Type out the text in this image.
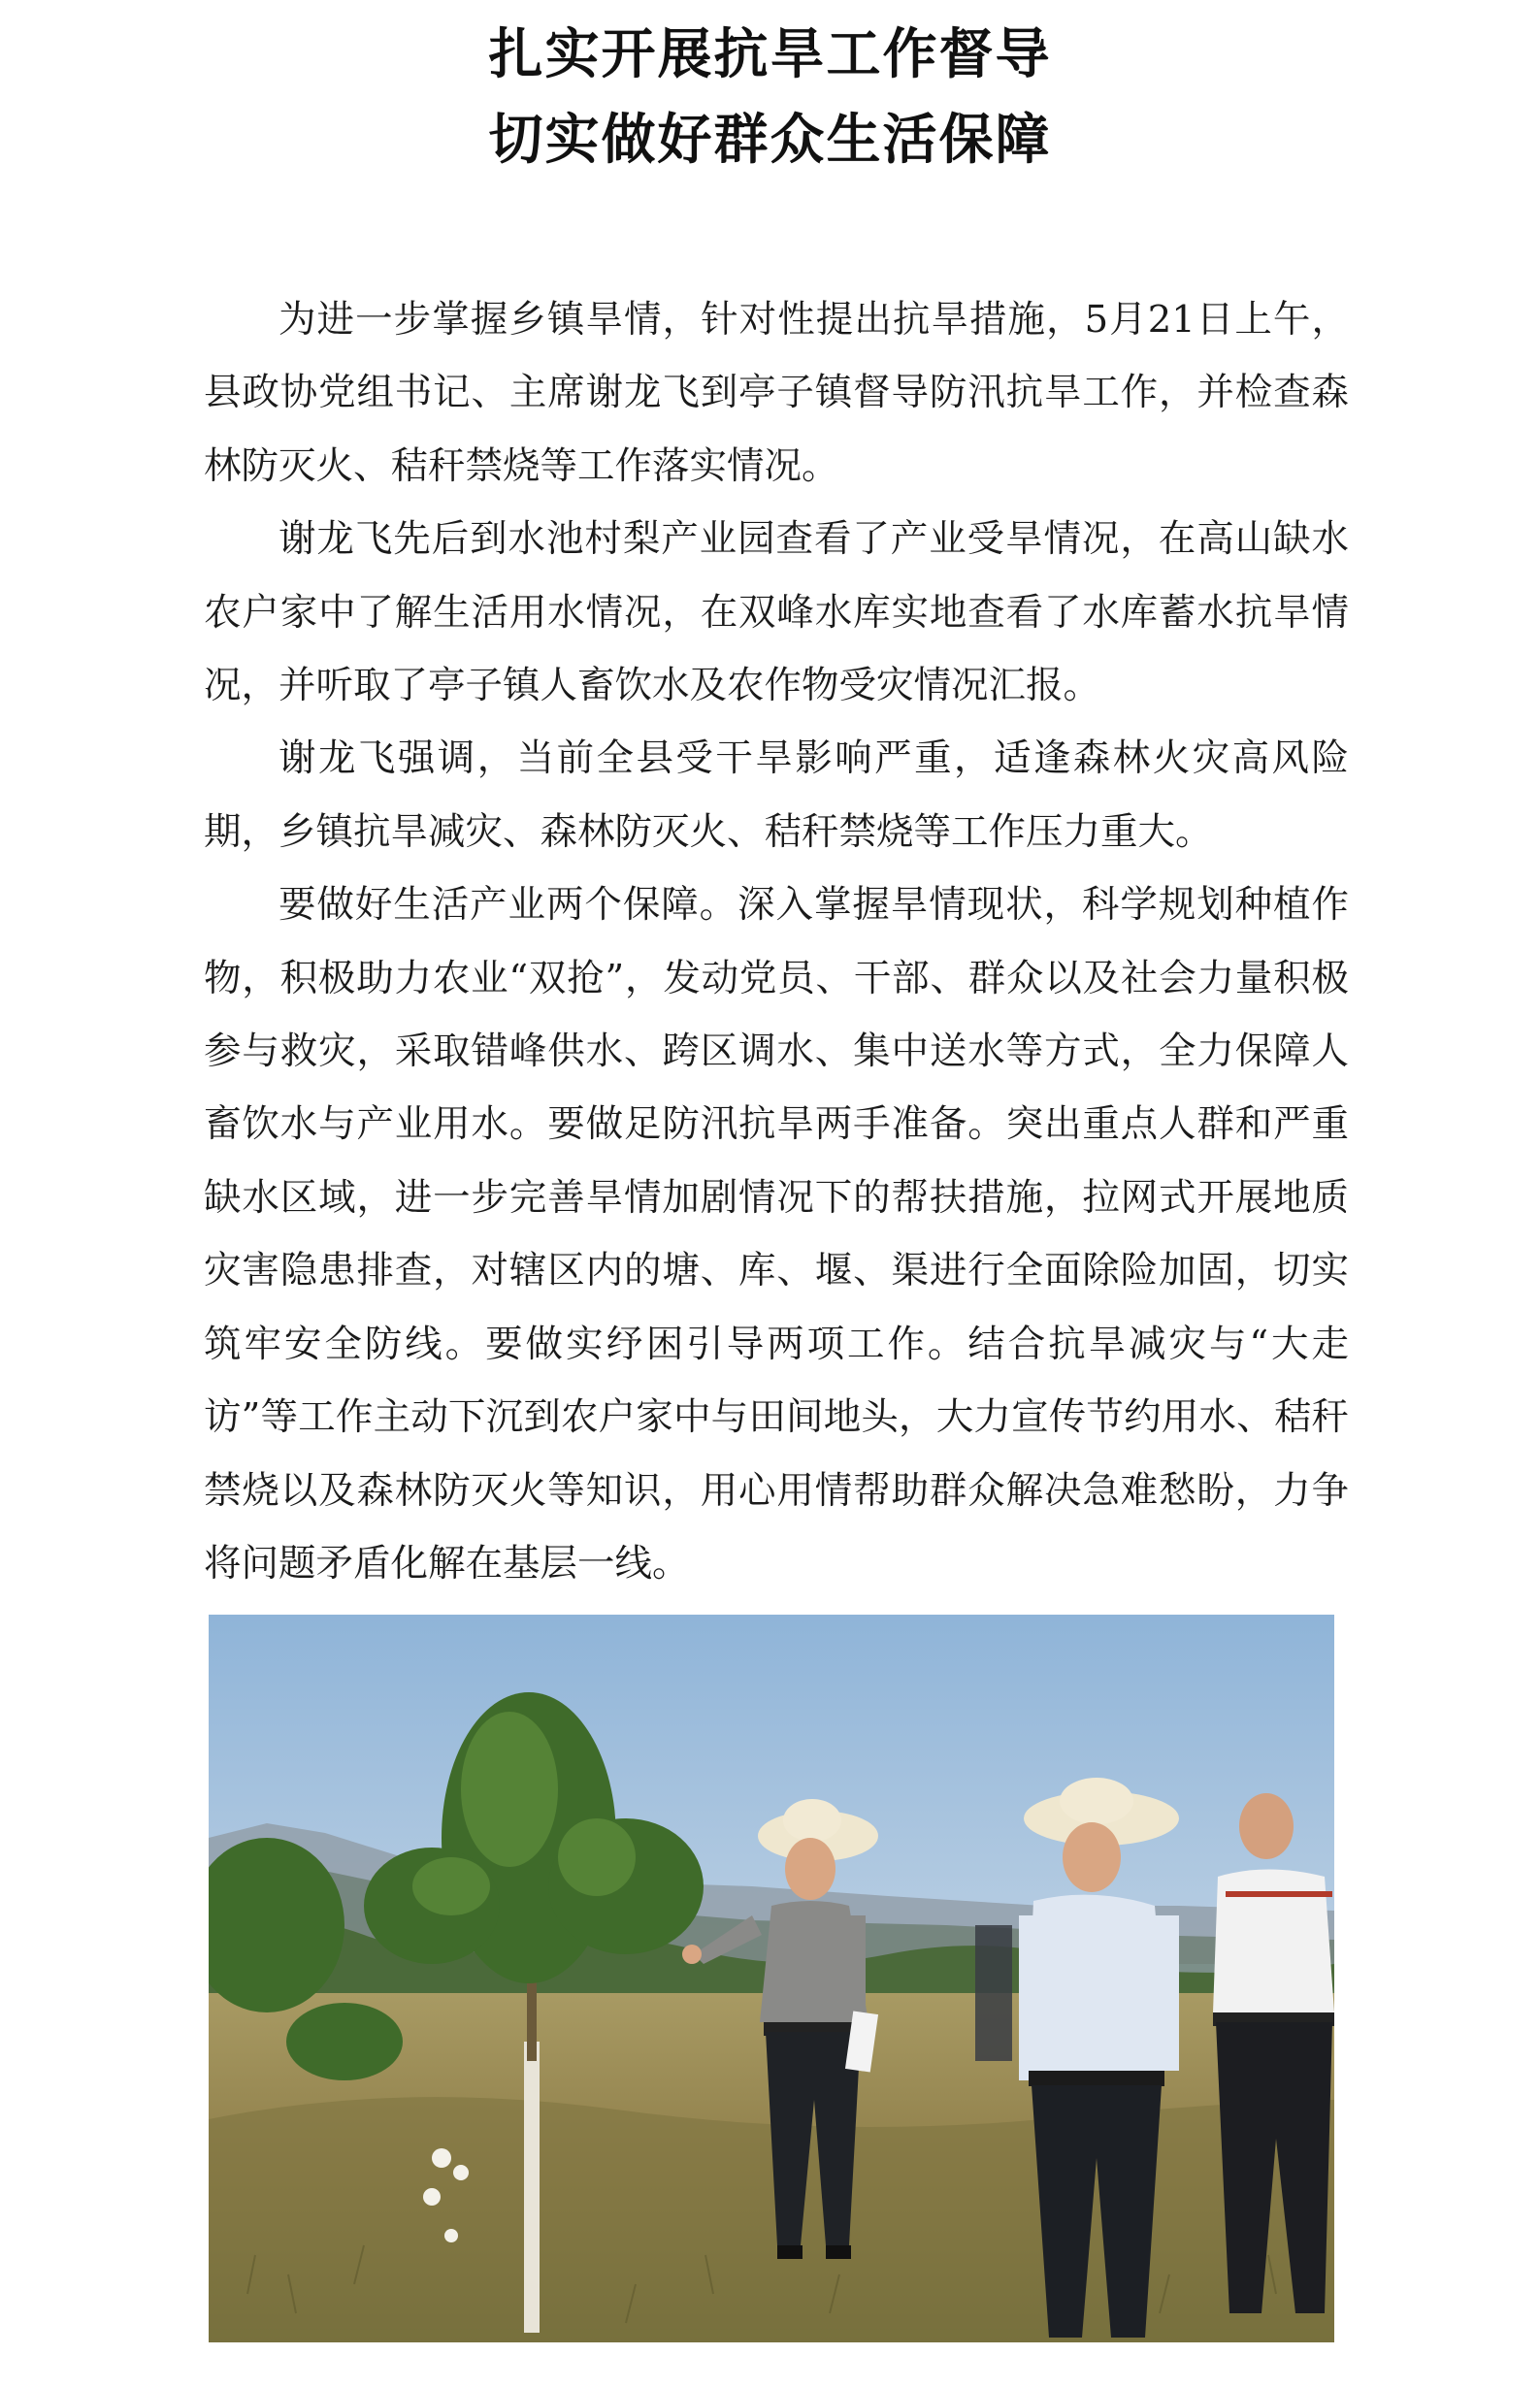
扎实开展抗旱工作督导
切实做好群众生活保障

为进一步掌握乡镇旱情，针对性提出抗旱措施，5月21日上午，县政协党组书记、主席谢龙飞到亭子镇督导防汛抗旱工作，并检查森林防灭火、秸秆禁烧等工作落实情况。

谢龙飞先后到水池村梨产业园查看了产业受旱情况，在高山缺水农户家中了解生活用水情况，在双峰水库实地查看了水库蓄水抗旱情况，并听取了亭子镇人畜饮水及农作物受灾情况汇报。

谢龙飞强调，当前全县受干旱影响严重，适逢森林火灾高风险期，乡镇抗旱减灾、森林防灭火、秸秆禁烧等工作压力重大。

要做好生活产业两个保障。深入掌握旱情现状，科学规划种植作物，积极助力农业“双抢”，发动党员、干部、群众以及社会力量积极参与救灾，采取错峰供水、跨区调水、集中送水等方式，全力保障人畜饮水与产业用水。要做足防汛抗旱两手准备。突出重点人群和严重缺水区域，进一步完善旱情加剧情况下的帮扶措施，拉网式开展地质灾害隐患排查，对辖区内的塘、库、堰、渠进行全面除险加固，切实筑牢安全防线。要做实纾困引导两项工作。结合抗旱减灾与“大走访”等工作主动下沉到农户家中与田间地头，大力宣传节约用水、秸秆禁烧以及森林防灭火等知识，用心用情帮助群众解决急难愁盼，力争将问题矛盾化解在基层一线。
